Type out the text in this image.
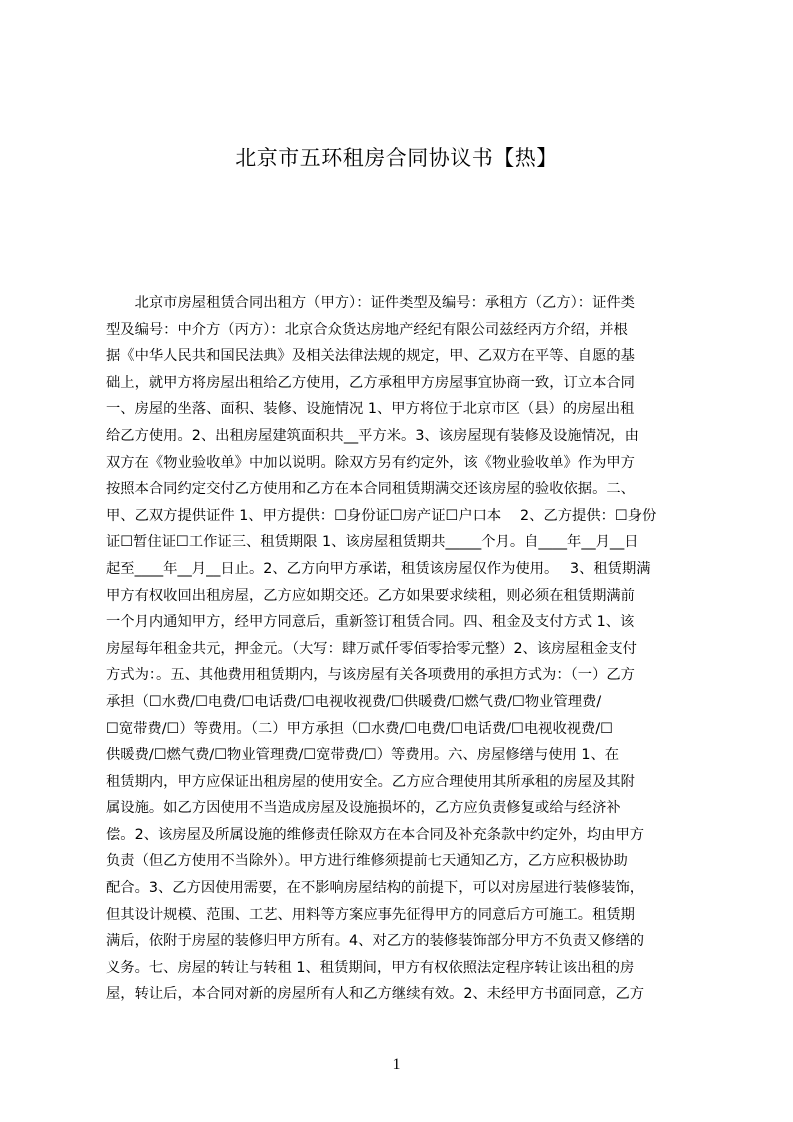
北京市五环租房合同协议书【热】
　　北京市房屋租赁合同出租方（甲方）：证件类型及编号：承租方（乙方）：证件类
型及编号：中介方（丙方）：北京合众货达房地产经纪有限公司兹经丙方介绍，并根
据《中华人民共和国民法典》及相关法律法规的规定，甲、乙双方在平等、自愿的基
础上，就甲方将房屋出租给乙方使用，乙方承租甲方房屋事宜协商一致，订立本合同
一、房屋的坐落、面积、装修、设施情况 1、甲方将位于北京市区（县）的房屋出租
给乙方使用。2、出租房屋建筑面积共__平方米。3、该房屋现有装修及设施情况，由
双方在《物业验收单》中加以说明。除双方另有约定外，该《物业验收单》作为甲方
按照本合同约定交付乙方使用和乙方在本合同租赁期满交还该房屋的验收依据。二、
甲、乙双方提供证件 1、甲方提供：☐身份证☐房产证☐户口本　 2、乙方提供：☐身份
证☐暂住证☐工作证三、租赁期限 1、该房屋租赁期共_____个月。自____年__月__日
起至____年__月__日止。2、乙方向甲方承诺，租赁该房屋仅作为使用。　 3、租赁期满
甲方有权收回出租房屋，乙方应如期交还。乙方如果要求续租，则必须在租赁期满前
一个月内通知甲方，经甲方同意后，重新签订租赁合同。四、租金及支付方式 1、该
房屋每年租金共元，押金元。（大写：肆万贰仟零佰零拾零元整）2、该房屋租金支付
方式为：。五、其他费用租赁期内，与该房屋有关各项费用的承担方式为：（一）乙方
承担（☐水费/☐电费/☐电话费/☐电视收视费/☐供暖费/☐燃气费/☐物业管理费/
☐宽带费/☐）等费用。（二）甲方承担（☐水费/☐电费/☐电话费/☐电视收视费/☐
供暖费/☐燃气费/☐物业管理费/☐宽带费/☐）等费用。六、房屋修缮与使用 1、在
租赁期内，甲方应保证出租房屋的使用安全。乙方应合理使用其所承租的房屋及其附
属设施。如乙方因使用不当造成房屋及设施损坏的，乙方应负责修复或给与经济补
偿。2、该房屋及所属设施的维修责任除双方在本合同及补充条款中约定外，均由甲方
负责（但乙方使用不当除外）。甲方进行维修须提前七天通知乙方，乙方应积极协助
配合。3、乙方因使用需要，在不影响房屋结构的前提下，可以对房屋进行装修装饰，
但其设计规模、范围、工艺、用料等方案应事先征得甲方的同意后方可施工。租赁期
满后，依附于房屋的装修归甲方所有。4、对乙方的装修装饰部分甲方不负责又修缮的
义务。七、房屋的转让与转租 1、租赁期间，甲方有权依照法定程序转让该出租的房
屋，转让后，本合同对新的房屋所有人和乙方继续有效。2、未经甲方书面同意，乙方
1
